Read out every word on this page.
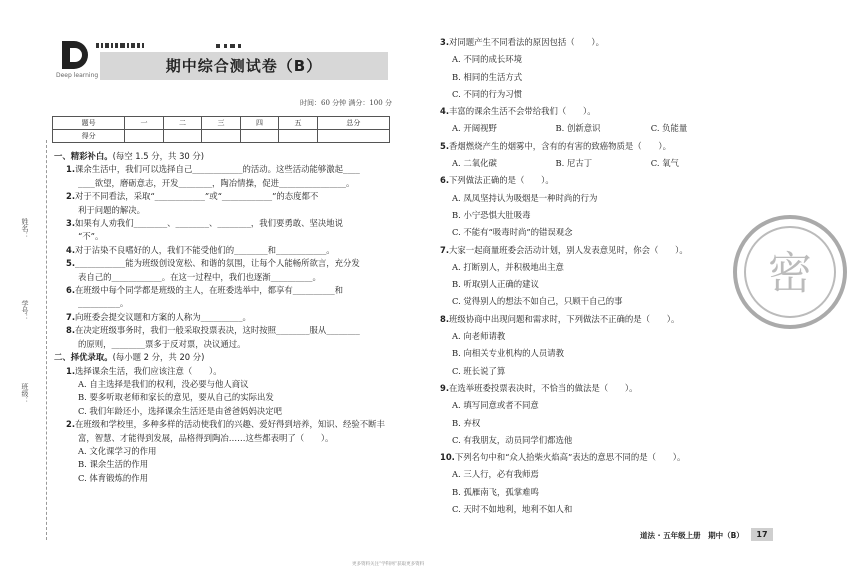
Deep learning
期中综合测试卷（B）
时间：60 分钟 满分：100 分
题号	一	二	三	四	五	总分
得分						
姓名：
学号：
班级：
一、精彩补白。(每空 1.5 分，共 30 分)
1.课余生活中，我们可以选择自己____________的活动。这些活动能够激起____
____欲望，磨砺意志，开发________，陶冶情操，促进________________。
2.对于不同看法，采取“____________”或“____________”的态度都不
利于问题的解决。
3.如果有人劝我们________、________、________，我们要勇敢、坚决地说
“不”。
4.对于沾染不良嗜好的人，我们不能受他们的________和____________。
5.____________能为班级创设宽松、和谐的氛围，让每个人能畅所欲言，充分发
表自己的____________。在这一过程中，我们也逐渐__________。
6.在班级中每个同学都是班级的主人，在班委选举中，都享有__________和
__________。
7.向班委会提交议题和方案的人称为__________。
8.在决定班级事务时，我们一般采取投票表决，这时按照________服从________
的原则，________票多于反对票，决议通过。
二、择优录取。(每小题 2 分，共 20 分)
1.选择课余生活，我们应该注意（　　）。
A. 自主选择是我们的权利，没必要与他人商议
B. 要多听取老师和家长的意见，要从自己的实际出发
C. 我们年龄还小，选择课余生活还是由爸爸妈妈决定吧
2.在班级和学校里，多种多样的活动使我们的兴趣、爱好得到培养，知识、经验不断丰
富，智慧、才能得到发展，品格得到陶冶……这些都表明了（　　）。
A. 文化课学习的作用
B. 课余生活的作用
C. 体育锻炼的作用
3.对同题产生不同看法的原因包括（　　）。
A. 不同的成长环境
B. 相同的生活方式
C. 不同的行为习惯
4.丰富的课余生活不会带给我们（　　）。
A. 开阔视野　　　　　　　B. 创新意识　　　　　　C. 负能量
5.香烟燃烧产生的烟雾中，含有的有害的致癌物质是（　　）。
A. 二氧化碳　　　　　　　B. 尼古丁　　　　　　　C. 氧气
6.下列做法正确的是（　　）。
A. 凤凤坚持认为吸烟是一种时尚的行为
B. 小宁恐惧大肚吸毒
C. 不能有“吸毒时尚”的错误观念
7.大家一起商量班委会活动计划，别人发表意见时，你会（　　）。
A. 打断别人，并积极地出主意
B. 听取别人正确的建议
C. 觉得别人的想法不如自己，只顾干自己的事
8.班级协商中出现问题和需求时，下列做法不正确的是（　　）。
A. 向老师请教
B. 向相关专业机构的人员请教
C. 班长说了算
9.在选举班委投票表决时，不恰当的做法是（　　）。
A. 填写同意或者不同意
B. 弃权
C. 有我朋友，动员同学们都选他
10.下列名句中和“众人拾柴火焰高”表达的意思不同的是（　　）。
A. 三人行，必有我师焉
B. 孤雁南飞，孤掌难鸣
C. 天时不如地利，地利不如人和
密
道法 · 五年级上册　期中（B）	17
更多资料关注“学科网”获取更多资料
